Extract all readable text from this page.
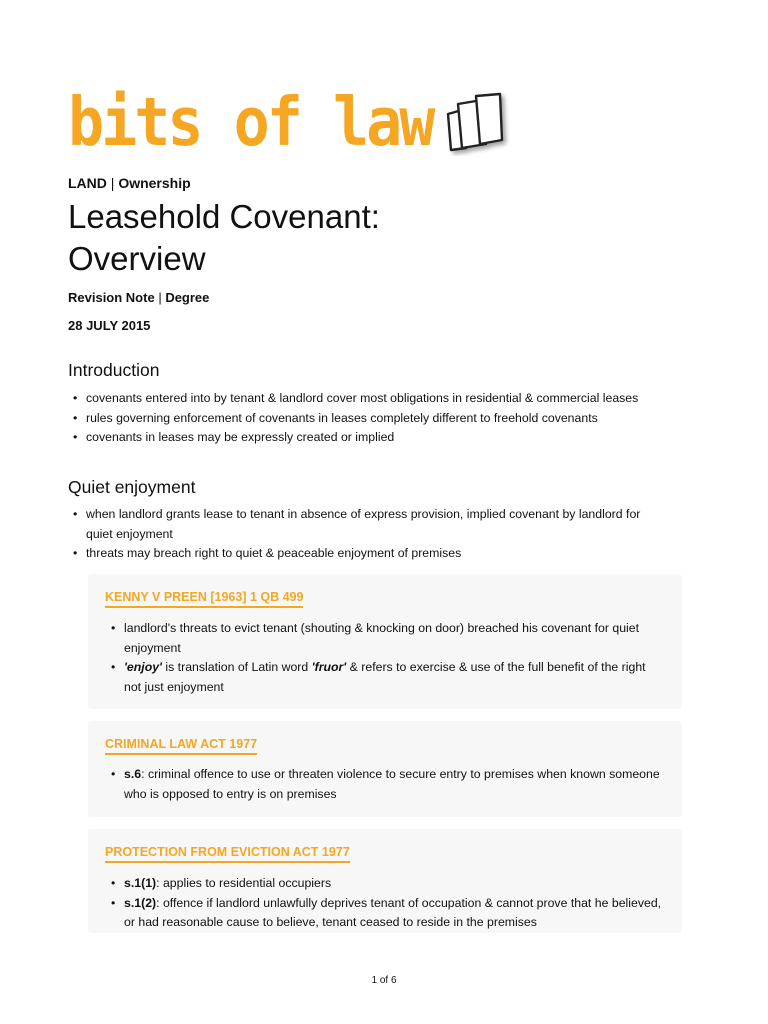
bits of law
LAND | Ownership
Leasehold Covenant:
Overview
Revision Note | Degree
28 JULY 2015
Introduction
• covenants entered into by tenant & landlord cover most obligations in residential & commercial leases
• rules governing enforcement of covenants in leases completely different to freehold covenants
• covenants in leases may be expressly created or implied
Quiet enjoyment
• when landlord grants lease to tenant in absence of express provision, implied covenant by landlord for quiet enjoyment
• threats may breach right to quiet & peaceable enjoyment of premises
KENNY V PREEN [1963] 1 QB 499
• landlord's threats to evict tenant (shouting & knocking on door) breached his covenant for quiet enjoyment
• 'enjoy' is translation of Latin word 'fruor' & refers to exercise & use of the full benefit of the right not just enjoyment
CRIMINAL LAW ACT 1977
• s.6: criminal offence to use or threaten violence to secure entry to premises when known someone who is opposed to entry is on premises
PROTECTION FROM EVICTION ACT 1977
• s.1(1): applies to residential occupiers
• s.1(2): offence if landlord unlawfully deprives tenant of occupation & cannot prove that he believed, or had reasonable cause to believe, tenant ceased to reside in the premises
1 of 6
